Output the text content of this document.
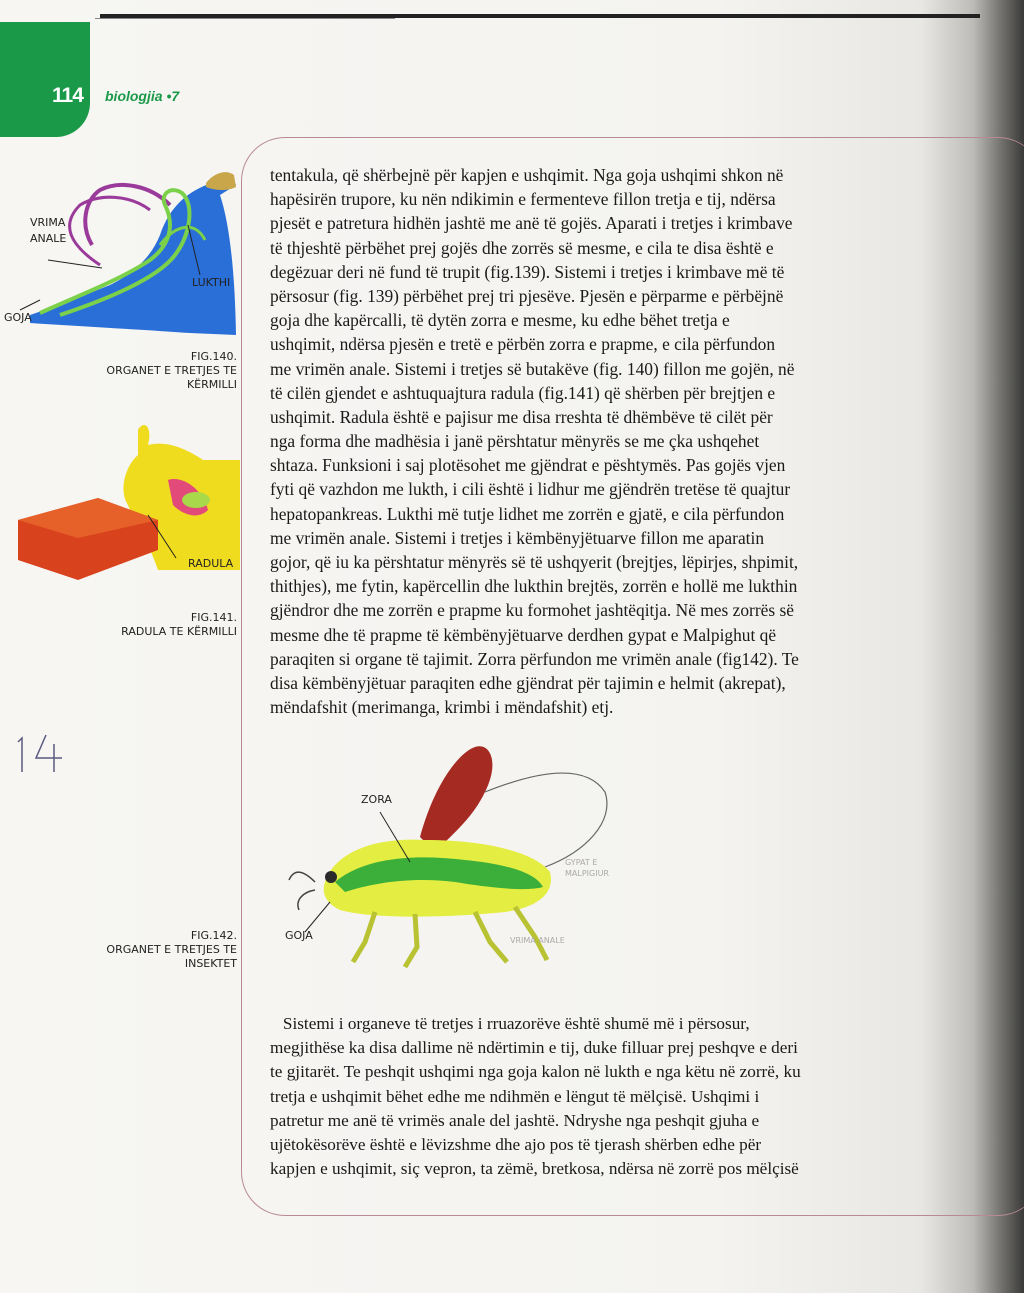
114 biologjia •7
VRIMA
ANALE
LUKTHI
GOJA
FIG.140.
ORGANET E TRETJES TE
KËRMILLI
RADULA
FIG.141.
RADULA TE KËRMILLI
ZORA
GOJA
GYPAT E
MALPIGIUR
VRIMA ANALE
FIG.142.
ORGANET E TRETJES TE
INSEKTET
tentakula, që shërbejnë për kapjen e ushqimit. Nga goja ushqimi shkon në
hapësirën trupore, ku nën ndikimin e fermenteve fillon tretja e tij, ndërsa
pjesët e patretura hidhën jashtë me anë të gojës. Aparati i tretjes i krimbave
të thjeshtë përbëhet prej gojës dhe zorrës së mesme, e cila te disa është e
degëzuar deri në fund të trupit (fig.139). Sistemi i tretjes i krimbave më të
përsosur (fig. 139) përbëhet prej tri pjesëve. Pjesën e përparme e përbëjnë
goja dhe kapërcalli, të dytën zorra e mesme, ku edhe bëhet tretja e
ushqimit, ndërsa pjesën e tretë e përbën zorra e prapme, e cila përfundon
me vrimën anale. Sistemi i tretjes së butakëve (fig. 140) fillon me gojën, në
të cilën gjendet e ashtuquajtura radula (fig.141) që shërben për brejtjen e
ushqimit. Radula është e pajisur me disa rreshta të dhëmbëve të cilët për
nga forma dhe madhësia i janë përshtatur mënyrës se me çka ushqehet
shtaza. Funksioni i saj plotësohet me gjëndrat e pështymës. Pas gojës vjen
fyti që vazhdon me lukth, i cili është i lidhur me gjëndrën tretëse të quajtur
hepatopankreas. Lukthi më tutje lidhet me zorrën e gjatë, e cila përfundon
me vrimën anale. Sistemi i tretjes i këmbënyjëtuarve fillon me aparatin
gojor, që iu ka përshtatur mënyrës së të ushqyerit (brejtjes, lëpirjes, shpimit,
thithjes), me fytin, kapërcellin dhe lukthin brejtës, zorrën e hollë me lukthin
gjëndror dhe me zorrën e prapme ku formohet jashtëqitja. Në mes zorrës së
mesme dhe të prapme të këmbënyjëtuarve derdhen gypat e Malpighut që
paraqiten si organe të tajimit. Zorra përfundon me vrimën anale (fig142). Te
disa këmbënyjëtuar paraqiten edhe gjëndrat për tajimin e helmit (akrepat),
mëndafshit (merimanga, krimbi i mëndafshit) etj.
Sistemi i organeve të tretjes i rruazorëve është shumë më i përsosur,
megjithëse ka disa dallime në ndërtimin e tij, duke filluar prej peshqve e deri
te gjitarët. Te peshqit ushqimi nga goja kalon në lukth e nga këtu në zorrë, ku
tretja e ushqimit bëhet edhe me ndihmën e lëngut të mëlçisë. Ushqimi i
patretur me anë të vrimës anale del jashtë. Ndryshe nga peshqit gjuha e
ujëtokësorëve është e lëvizshme dhe ajo pos të tjerash shërben edhe për
kapjen e ushqimit, siç vepron, ta zëmë, bretkosa, ndërsa në zorrë pos mëlçisë
